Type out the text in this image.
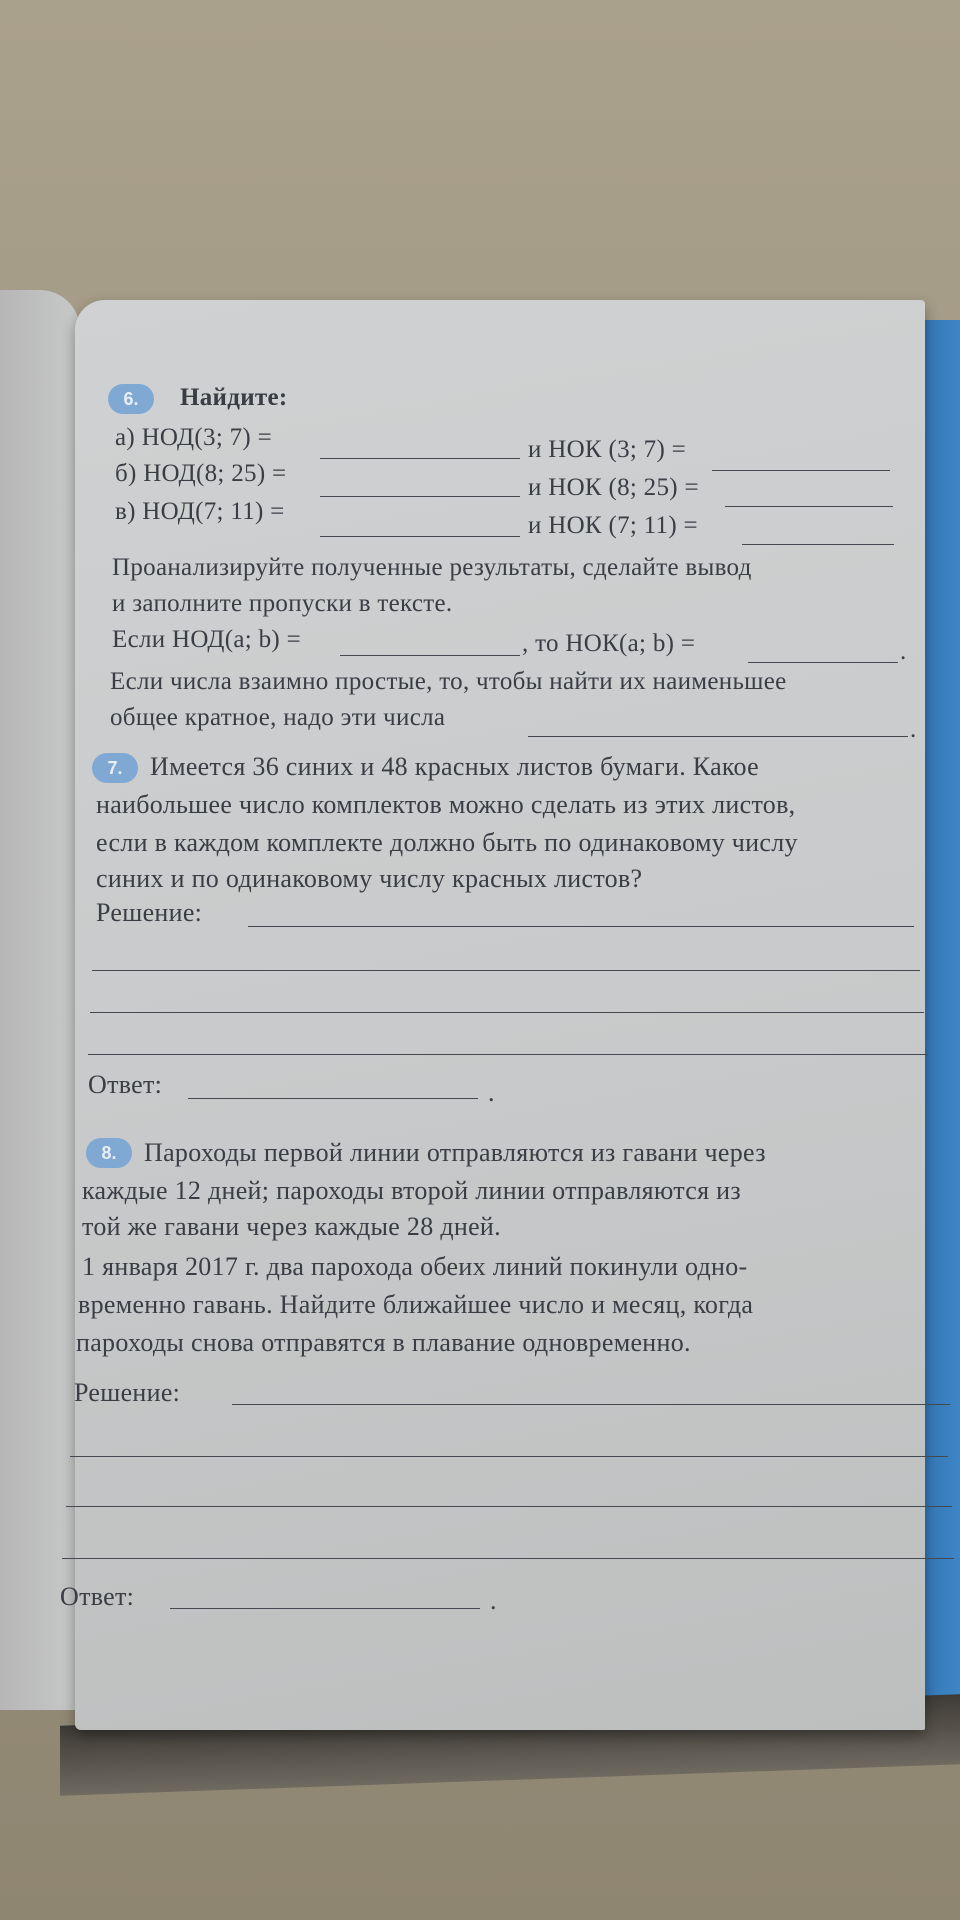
6.	Найдите:
а) НОД(3; 7) =	и НОК (3; 7) =
б) НОД(8; 25) =
и НОК (8; 25) =
в) НОД(7; 11) =
и НОК (7; 11) =
Проанализируйте полученные результаты, сделайте вывод
и заполните пропуски в тексте.
Если НОД(a; b) =	, то НОК(a; b) =	.
Если числа взаимно простые, то, чтобы найти их наименьшее
общее кратное, надо эти числа	.
7.	Имеется 36 синих и 48 красных листов бумаги. Какое
наибольшее число комплектов можно сделать из этих листов,
если в каждом комплекте должно быть по одинаковому числу
синих и по одинаковому числу красных листов?
Решение:
Ответ:	.
8.	Пароходы первой линии отправляются из гавани через
каждые 12 дней; пароходы второй линии отправляются из
той же гавани через каждые 28 дней.
1 января 2017 г. два парохода обеих линий покинули одно-
временно гавань. Найдите ближайшее число и месяц, когда
пароходы снова отправятся в плавание одновременно.
Решение:
Ответ:	.
